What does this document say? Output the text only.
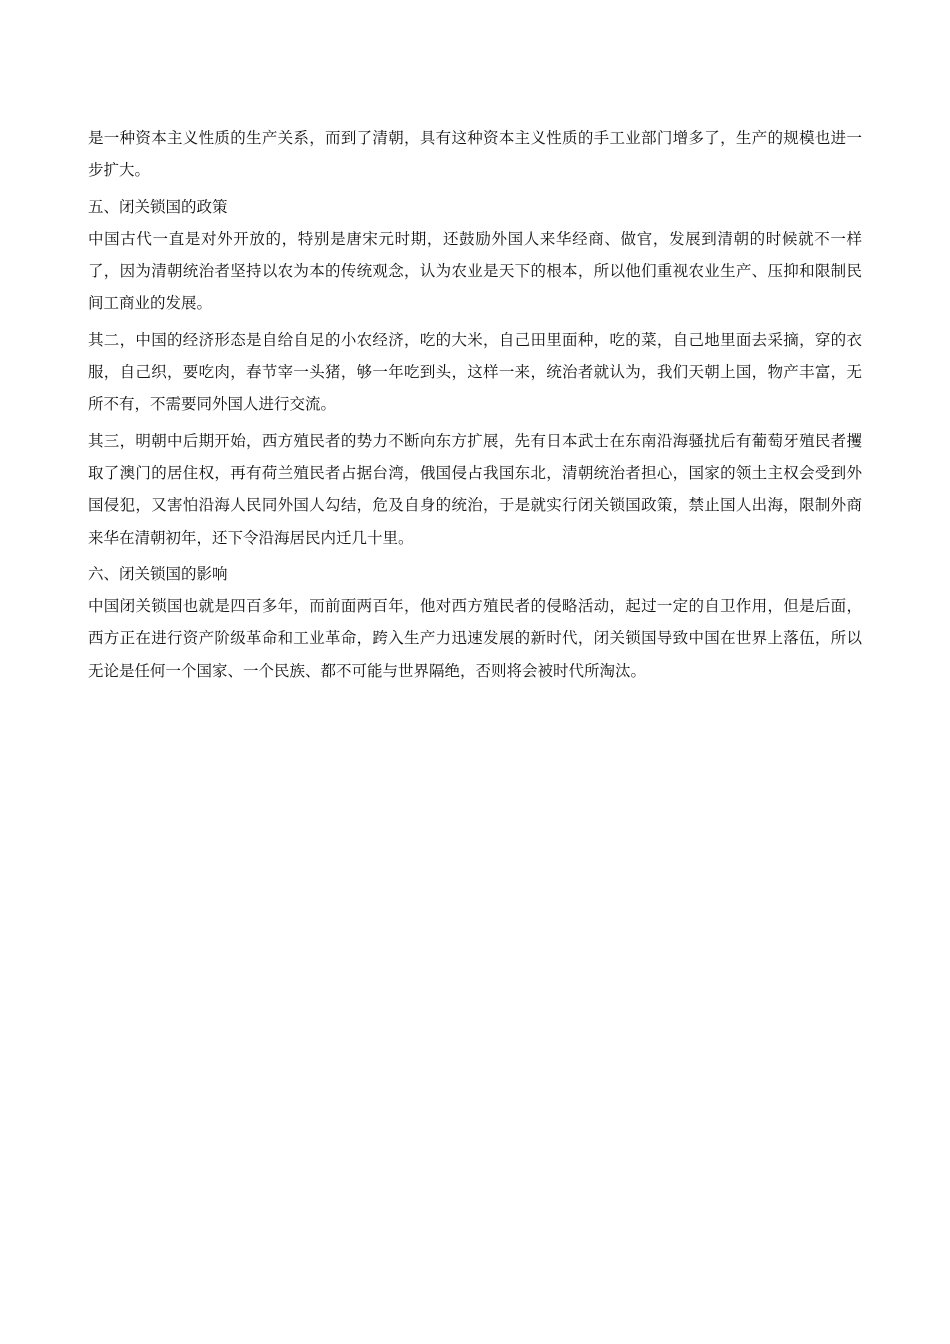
是一种资本主义性质的生产关系，而到了清朝，具有这种资本主义性质的手工业部门增多了，生产的规模也进一步扩大。

五、闭关锁国的政策

中国古代一直是对外开放的，特别是唐宋元时期，还鼓励外国人来华经商、做官，发展到清朝的时候就不一样了，因为清朝统治者坚持以农为本的传统观念，认为农业是天下的根本，所以他们重视农业生产、压抑和限制民间工商业的发展。

其二，中国的经济形态是自给自足的小农经济，吃的大米，自己田里面种，吃的菜，自己地里面去采摘，穿的衣服，自己织，要吃肉，春节宰一头猪，够一年吃到头，这样一来，统治者就认为，我们天朝上国，物产丰富，无所不有，不需要同外国人进行交流。

其三，明朝中后期开始，西方殖民者的势力不断向东方扩展，先有日本武士在东南沿海骚扰后有葡萄牙殖民者攫取了澳门的居住权，再有荷兰殖民者占据台湾，俄国侵占我国东北，清朝统治者担心，国家的领土主权会受到外国侵犯，又害怕沿海人民同外国人勾结，危及自身的统治，于是就实行闭关锁国政策，禁止国人出海，限制外商来华在清朝初年，还下令沿海居民内迁几十里。

六、闭关锁国的影响

中国闭关锁国也就是四百多年，而前面两百年，他对西方殖民者的侵略活动，起过一定的自卫作用，但是后面，西方正在进行资产阶级革命和工业革命，跨入生产力迅速发展的新时代，闭关锁国导致中国在世界上落伍，所以无论是任何一个国家、一个民族、都不可能与世界隔绝，否则将会被时代所淘汰。
